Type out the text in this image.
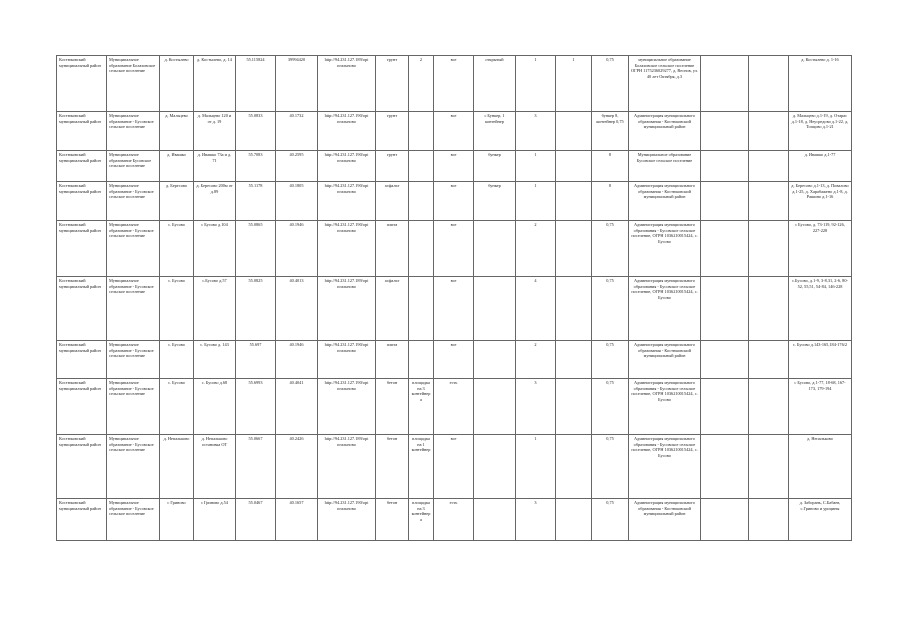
Костюковский муниципальный район	Муниципальное образование Болаховское сельское поселение	д. Костылево	д. Костылево, д. 14	55.115824	39994420	http://94.231.127.189/opi пгальново	грунт	2	все	открытый	1	1	0,75	муниципальное образование Болаховское сельское поселение ОГРН 1175236029277, д. Веснов, ул. 40 лет Октября, д.3			д. Костылево д. 1-16
Костюковский муниципальный район	Муниципальное образование - Бусовское сельское поселение	д. Мальцево	д. Мальцево 120 и от д. 19	55.0833	40.1732	http://94.231.127.190/opi пгальново	грунт		все	с Бункер, 1 контейнер	3		бункер 8, контейнер 0,75	Администрация муниципального образования - Костюковский муниципальный район			д. Мальцево д.1-19, д. Отарас д.1-18, д. Неусредово д.1-22, д. Топцово д.1-21
Костюковский муниципальный район	Муниципальное образование Бусовское сельское поселение	д. Ивашко	д. Ивашко 73а и д. 71	55.7083	40.2595	http://94.231.127.190/opi пгальново	грунт		все	бункер	1		8	Муниципальное образование Бусовское сельское поселение			д. Ивашко д.1-77
Костюковский муниципальный район	Муниципальное образование - Бусовское сельское поселение	д. Бересово	д. Бересово 200м от д.89	55.1178	40.1805	http://94.231.127.190/opi пгальново	асфальт		все	бункер	1		8	Администрация муниципального образования - Костюковский муниципальный район			д. Бересово д.1-13, д. Повалово д.1-25, д. Харабажено д.1-8, д. Рашино д.1-16
Костюковский муниципальный район	Муниципальное образование - Бусовское сельское поселение	с. Бусово	с Бусово д.104	55.0865	40.1946	http://94.231.127.190/opi пгальново	плита		все		2		0,75	Администрация муниципального образования - Бусовское сельское поселение, ОГРН 1036210015424, с. Бусово			с Бусово, д. 73-119, 92-126, 227-228
Костюковский муниципальный район	Муниципальное образование - Бусовское сельское поселение	с. Бусово	с.Бусово д.57	55.0825	40.4013	http://94.231.127.189/opi пгальново	асфальт		все		4		0,75	Администрация муниципального образования - Бусовское сельское поселение, ОГРН 1036210015424, с. Бусово			с.Бусово, д.1-9, 3-8,31, 2-6, 80-52, 55,51, 54-84, 146-228
Костюковский муниципальный район	Муниципальное образование - Бусовское сельское поселение	с. Бусово	с. Бусово д. 143	55.697	40.1946	http://94.231.127.190/opi пгальново	плита		все		2		0,75	Администрация муниципального образования - Костюковский муниципальный район			с. Бусово д.143-165,184-176/2
Костюковский муниципальный район	Муниципальное образование - Бусовское сельское поселение	с. Бусово	с. Бусово д.68	55.6993	40.4041	http://94.231.127.190/opi пгальново	бетон	площадка на 3 контейнера	есть		3		0,75	Администрация муниципального образования - Бусовское сельское поселение, ОГРН 1036210015424, с. Бусово			с Бусово, д.1-77, 18-68, 167-173, 179-194
Костюковский муниципальный район	Муниципальное образование - Бусовское сельское поселение	д. Непальково	д. Непальково остановка ОТ	55.0667	40.2426	http://94.231.127.189/opi пгальново	бетон	площадка на 1 контейнер	все		1		0,75	Администрация муниципального образования - Бусовское сельское поселение, ОГРН 1036210015424, с. Бусово			д. Непальково
Костюковский муниципальный район	Муниципальное образование - Бусовское сельское поселение	с Гриново	с Гриново д.54	55.0467	40.1657	http://94.231.127.190/opi пгальново	бетон	площадка на 3 контейнера	есть		3		0,75	Администрация муниципального образования - Костюковский муниципальный район			д. Заборань, С.Бабаев, с.Гриново и уроцины
